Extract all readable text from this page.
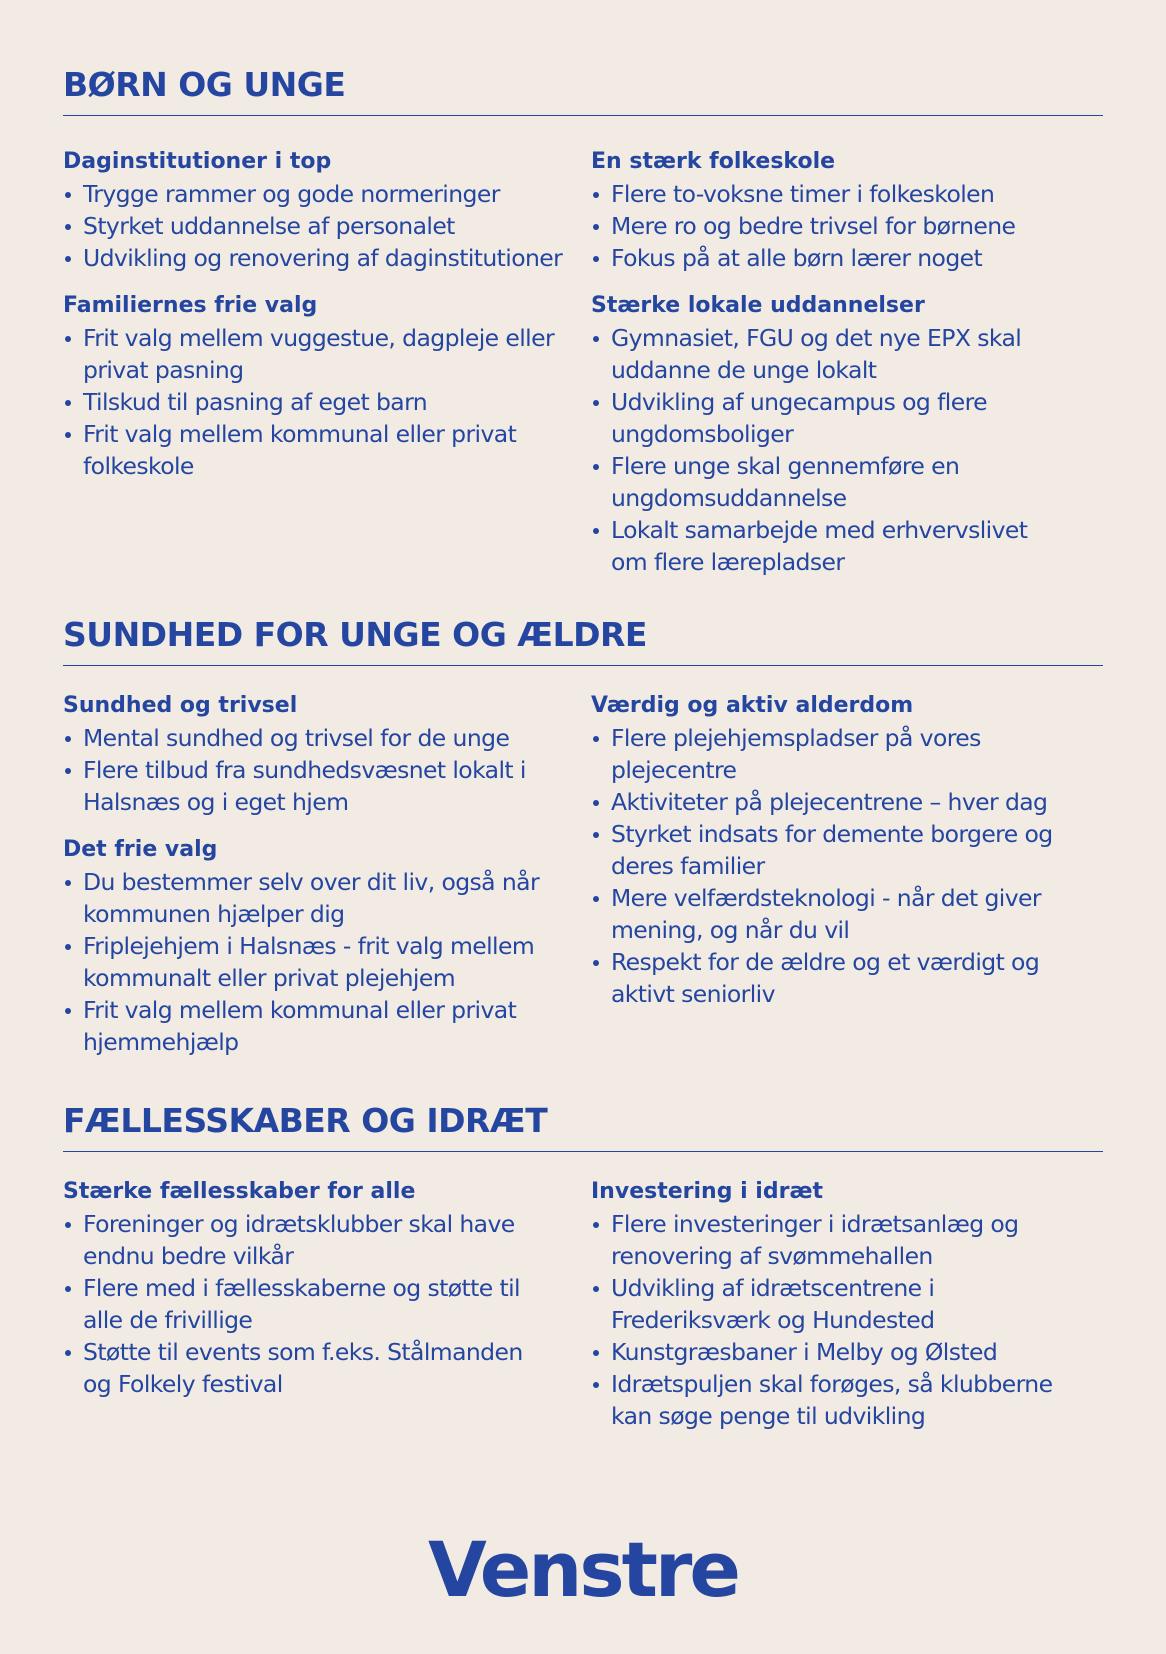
BØRN OG UNGE
Daginstitutioner i top
Trygge rammer og gode normeringer
Styrket uddannelse af personalet
Udvikling og renovering af daginstitutioner
Familiernes frie valg
Frit valg mellem vuggestue, dagpleje eller
privat pasning
Tilskud til pasning af eget barn
Frit valg mellem kommunal eller privat
folkeskole
En stærk folkeskole
Flere to-voksne timer i folkeskolen
Mere ro og bedre trivsel for børnene
Fokus på at alle børn lærer noget
Stærke lokale uddannelser
Gymnasiet, FGU og det nye EPX skal
uddanne de unge lokalt
Udvikling af ungecampus og flere
ungdomsboliger
Flere unge skal gennemføre en
ungdomsuddannelse
Lokalt samarbejde med erhvervslivet
om flere lærepladser
SUNDHED FOR UNGE OG ÆLDRE
Sundhed og trivsel
Mental sundhed og trivsel for de unge
Flere tilbud fra sundhedsvæsnet lokalt i
Halsnæs og i eget hjem
Det frie valg
Du bestemmer selv over dit liv, også når
kommunen hjælper dig
Friplejehjem i Halsnæs - frit valg mellem
kommunalt eller privat plejehjem
Frit valg mellem kommunal eller privat
hjemmehjælp
Værdig og aktiv alderdom
Flere plejehjemspladser på vores
plejecentre
Aktiviteter på plejecentrene – hver dag
Styrket indsats for demente borgere og
deres familier
Mere velfærdsteknologi - når det giver
mening, og når du vil
Respekt for de ældre og et værdigt og
aktivt seniorliv
FÆLLESSKABER OG IDRÆT
Stærke fællesskaber for alle
Foreninger og idrætsklubber skal have
endnu bedre vilkår
Flere med i fællesskaberne og støtte til
alle de frivillige
Støtte til events som f.eks. Stålmanden
og Folkely festival
Investering i idræt
Flere investeringer i idrætsanlæg og
renovering af svømmehallen
Udvikling af idrætscentrene i
Frederiksværk og Hundested
Kunstgræsbaner i Melby og Ølsted
Idrætspuljen skal forøges, så klubberne
kan søge penge til udvikling
Venstre
